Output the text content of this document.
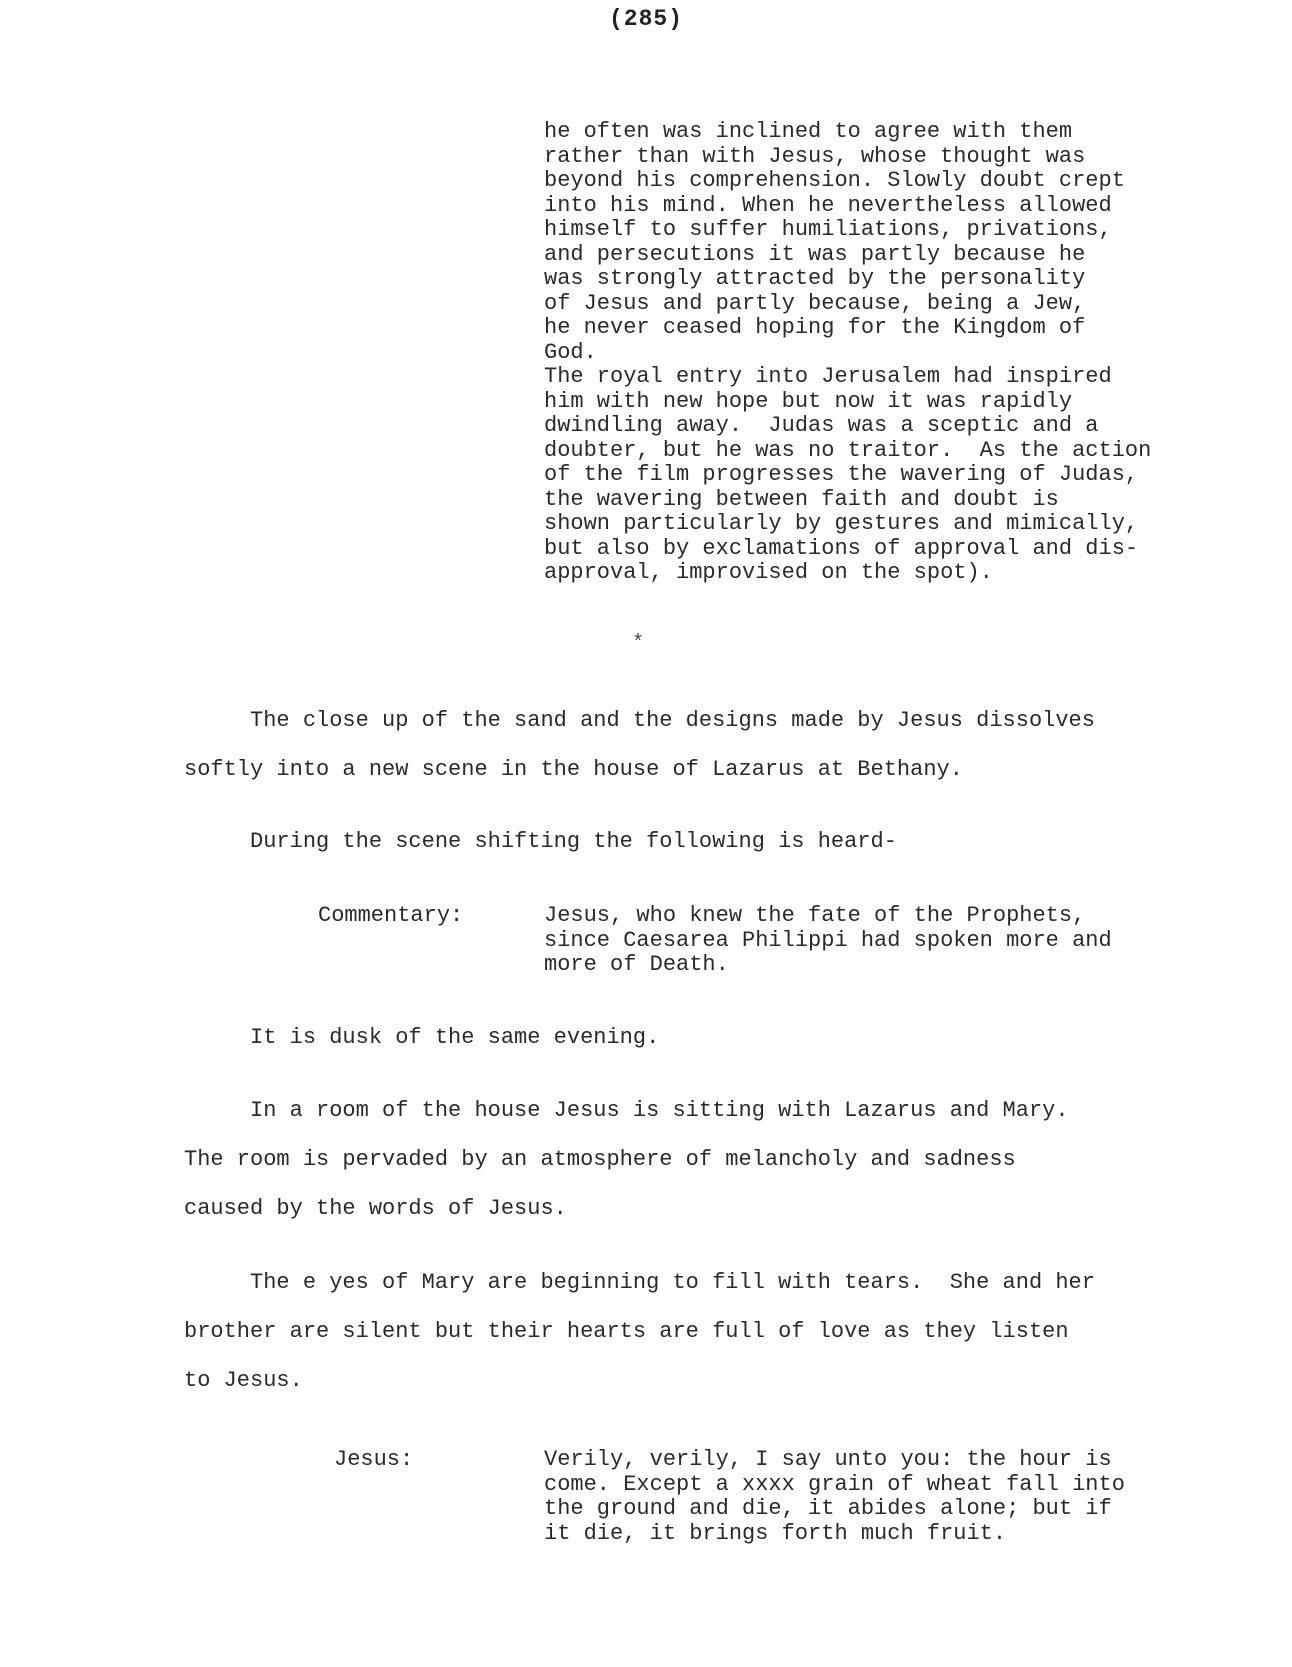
(285)

he often was inclined to agree with them
rather than with Jesus, whose thought was
beyond his comprehension. Slowly doubt crept
into his mind. When he nevertheless allowed
himself to suffer humiliations, privations,
and persecutions it was partly because he
was strongly attracted by the personality
of Jesus and partly because, being a Jew,
he never ceased hoping for the Kingdom of
God.
The royal entry into Jerusalem had inspired
him with new hope but now it was rapidly
dwindling away.  Judas was a sceptic and a
doubter, but he was no traitor.  As the action
of the film progresses the wavering of Judas,
the wavering between faith and doubt is
shown particularly by gestures and mimically,
but also by exclamations of approval and dis-
approval, improvised on the spot).

*

The close up of the sand and the designs made by Jesus dissolves
softly into a new scene in the house of Lazarus at Bethany.

During the scene shifting the following is heard-

Commentary:	Jesus, who knew the fate of the Prophets,
since Caesarea Philippi had spoken more and
more of Death.

It is dusk of the same evening.

In a room of the house Jesus is sitting with Lazarus and Mary.
The room is pervaded by an atmosphere of melancholy and sadness
caused by the words of Jesus.

The e yes of Mary are beginning to fill with tears.  She and her
brother are silent but their hearts are full of love as they listen
to Jesus.

Jesus:	Verily, verily, I say unto you: the hour is
come. Except a xxxx grain of wheat fall into
the ground and die, it abides alone; but if
it die, it brings forth much fruit.
